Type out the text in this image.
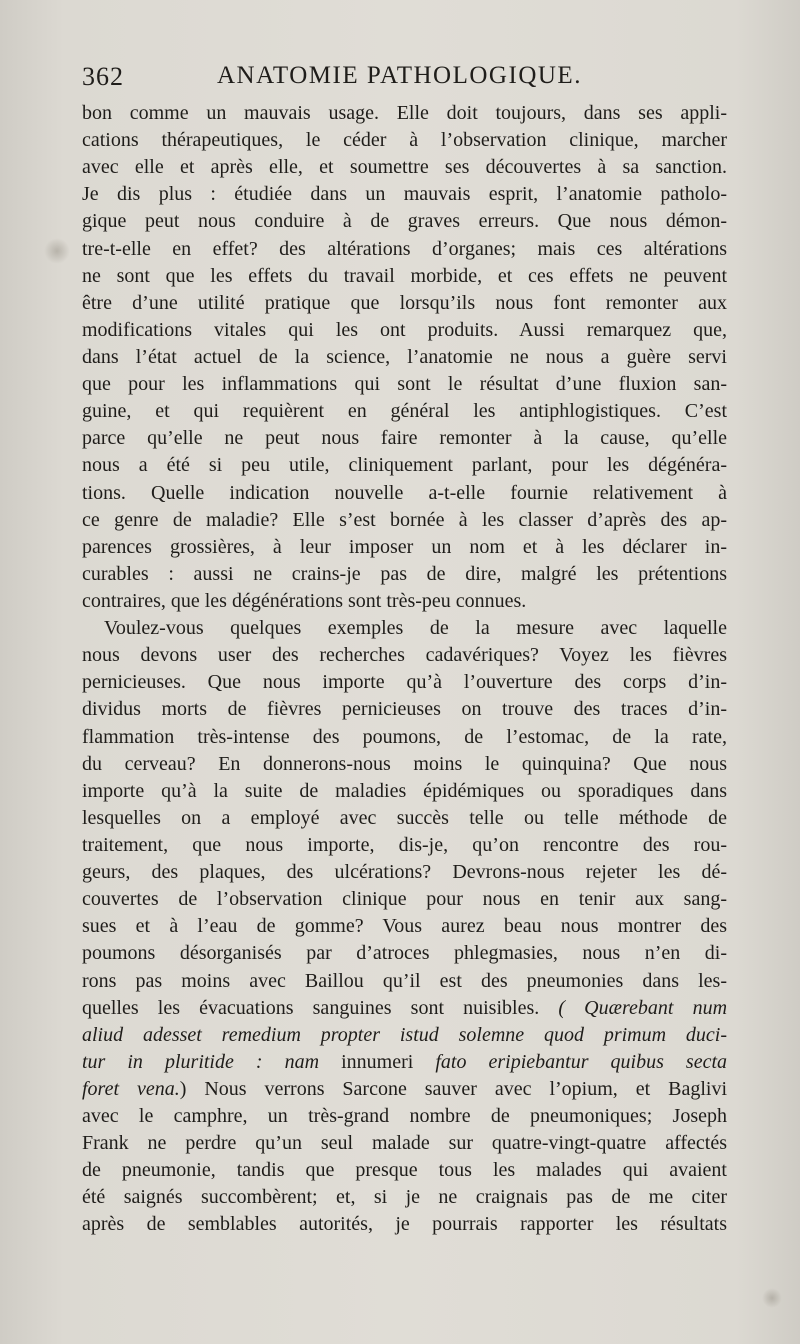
362	ANATOMIE PATHOLOGIQUE.
bon comme un mauvais usage. Elle doit toujours, dans ses appli-
cations thérapeutiques, le céder à l’observation clinique, marcher
avec elle et après elle, et soumettre ses découvertes à sa sanction.
Je dis plus : étudiée dans un mauvais esprit, l’anatomie patholo-
gique peut nous conduire à de graves erreurs. Que nous démon-
tre-t-elle en effet? des altérations d’organes; mais ces altérations
ne sont que les effets du travail morbide, et ces effets ne peuvent
être d’une utilité pratique que lorsqu’ils nous font remonter aux
modifications vitales qui les ont produits. Aussi remarquez que,
dans l’état actuel de la science, l’anatomie ne nous a guère servi
que pour les inflammations qui sont le résultat d’une fluxion san-
guine, et qui requièrent en général les antiphlogistiques. C’est
parce qu’elle ne peut nous faire remonter à la cause, qu’elle
nous a été si peu utile, cliniquement parlant, pour les dégénéra-
tions. Quelle indication nouvelle a-t-elle fournie relativement à
ce genre de maladie? Elle s’est bornée à les classer d’après des ap-
parences grossières, à leur imposer un nom et à les déclarer in-
curables : aussi ne crains-je pas de dire, malgré les prétentions
contraires, que les dégénérations sont très-peu connues.
Voulez-vous quelques exemples de la mesure avec laquelle
nous devons user des recherches cadavériques? Voyez les fièvres
pernicieuses. Que nous importe qu’à l’ouverture des corps d’in-
dividus morts de fièvres pernicieuses on trouve des traces d’in-
flammation très-intense des poumons, de l’estomac, de la rate,
du cerveau? En donnerons-nous moins le quinquina? Que nous
importe qu’à la suite de maladies épidémiques ou sporadiques dans
lesquelles on a employé avec succès telle ou telle méthode de
traitement, que nous importe, dis-je, qu’on rencontre des rou-
geurs, des plaques, des ulcérations? Devrons-nous rejeter les dé-
couvertes de l’observation clinique pour nous en tenir aux sang-
sues et à l’eau de gomme? Vous aurez beau nous montrer des
poumons désorganisés par d’atroces phlegmasies, nous n’en di-
rons pas moins avec Baillou qu’il est des pneumonies dans les-
quelles les évacuations sanguines sont nuisibles. ( Quærebant num
aliud adesset remedium propter istud solemne quod primum duci-
tur in pluritide : nam innumeri fato eripiebantur quibus secta
foret vena.) Nous verrons Sarcone sauver avec l’opium, et Baglivi
avec le camphre, un très-grand nombre de pneumoniques; Joseph
Frank ne perdre qu’un seul malade sur quatre-vingt-quatre affectés
de pneumonie, tandis que presque tous les malades qui avaient
été saignés succombèrent; et, si je ne craignais pas de me citer
après de semblables autorités, je pourrais rapporter les résultats
